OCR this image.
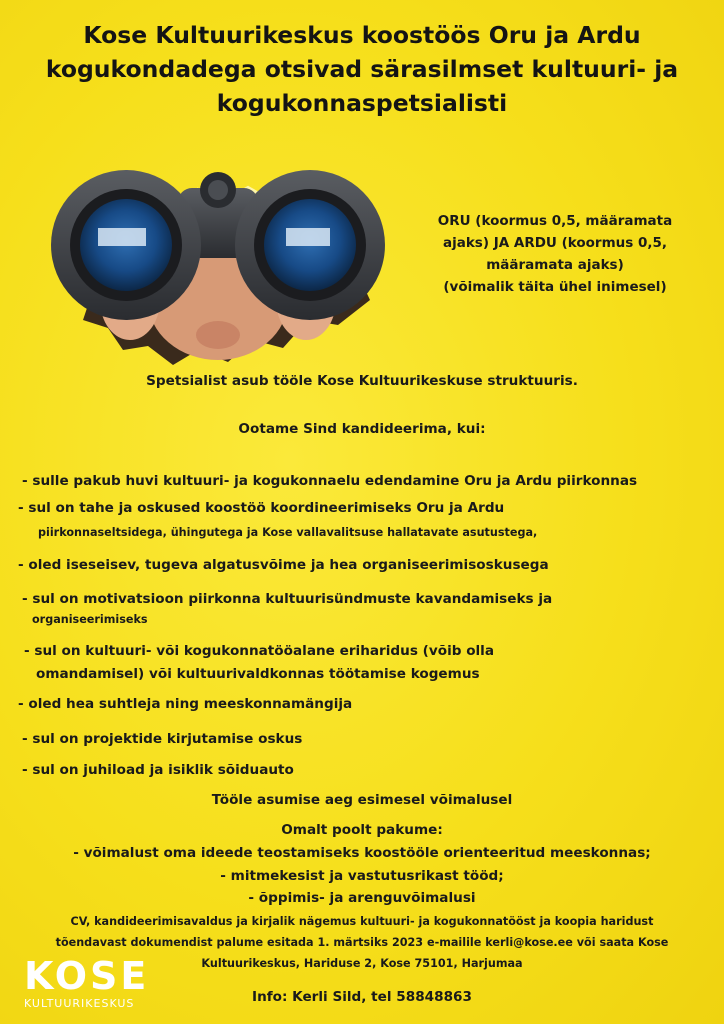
Kose Kultuurikeskus koostöös Oru ja Ardu
kogukondadega otsivad särasilmset kultuuri- ja
kogukonnaspetsialisti
ORU (koormus 0,5, määramata
ajaks) JA ARDU (koormus 0,5,
määramata ajaks)
(võimalik täita ühel inimesel)
Spetsialist asub tööle Kose Kultuurikeskuse struktuuris.
Ootame Sind kandideerima, kui:
- sulle pakub huvi kultuuri- ja kogukonnaelu edendamine Oru ja Ardu piirkonnas
- sul on tahe ja oskused koostöö koordineerimiseks Oru ja Ardu
piirkonnaseltsidega, ühingutega ja Kose vallavalitsuse hallatavate asutustega,
- oled iseseisev, tugeva algatusvõime ja hea organiseerimisoskusega
- sul on motivatsioon piirkonna kultuurisündmuste kavandamiseks ja
organiseerimiseks
- sul on kultuuri- või kogukonnatööalane eriharidus (võib olla
omandamisel) või kultuurivaldkonnas töötamise kogemus
- oled hea suhtleja ning meeskonnamängija
- sul on projektide kirjutamise oskus
- sul on juhiload ja isiklik sõiduauto
Tööle asumise aeg esimesel võimalusel
Omalt poolt pakume:
- võimalust oma ideede teostamiseks koostööle orienteeritud meeskonnas;
- mitmekesist ja vastutusrikast tööd;
- õppimis- ja arenguvõimalusi
CV, kandideerimisavaldus ja kirjalik nägemus kultuuri- ja kogukonnatööst ja koopia haridust
tõendavast dokumendist palume esitada 1. märtsiks 2023 e-mailile kerli@kose.ee või saata Kose
Kultuurikeskus, Hariduse 2, Kose 75101, Harjumaa
KOSE
KULTUURIKESKUS	Info: Kerli Sild, tel 58848863
